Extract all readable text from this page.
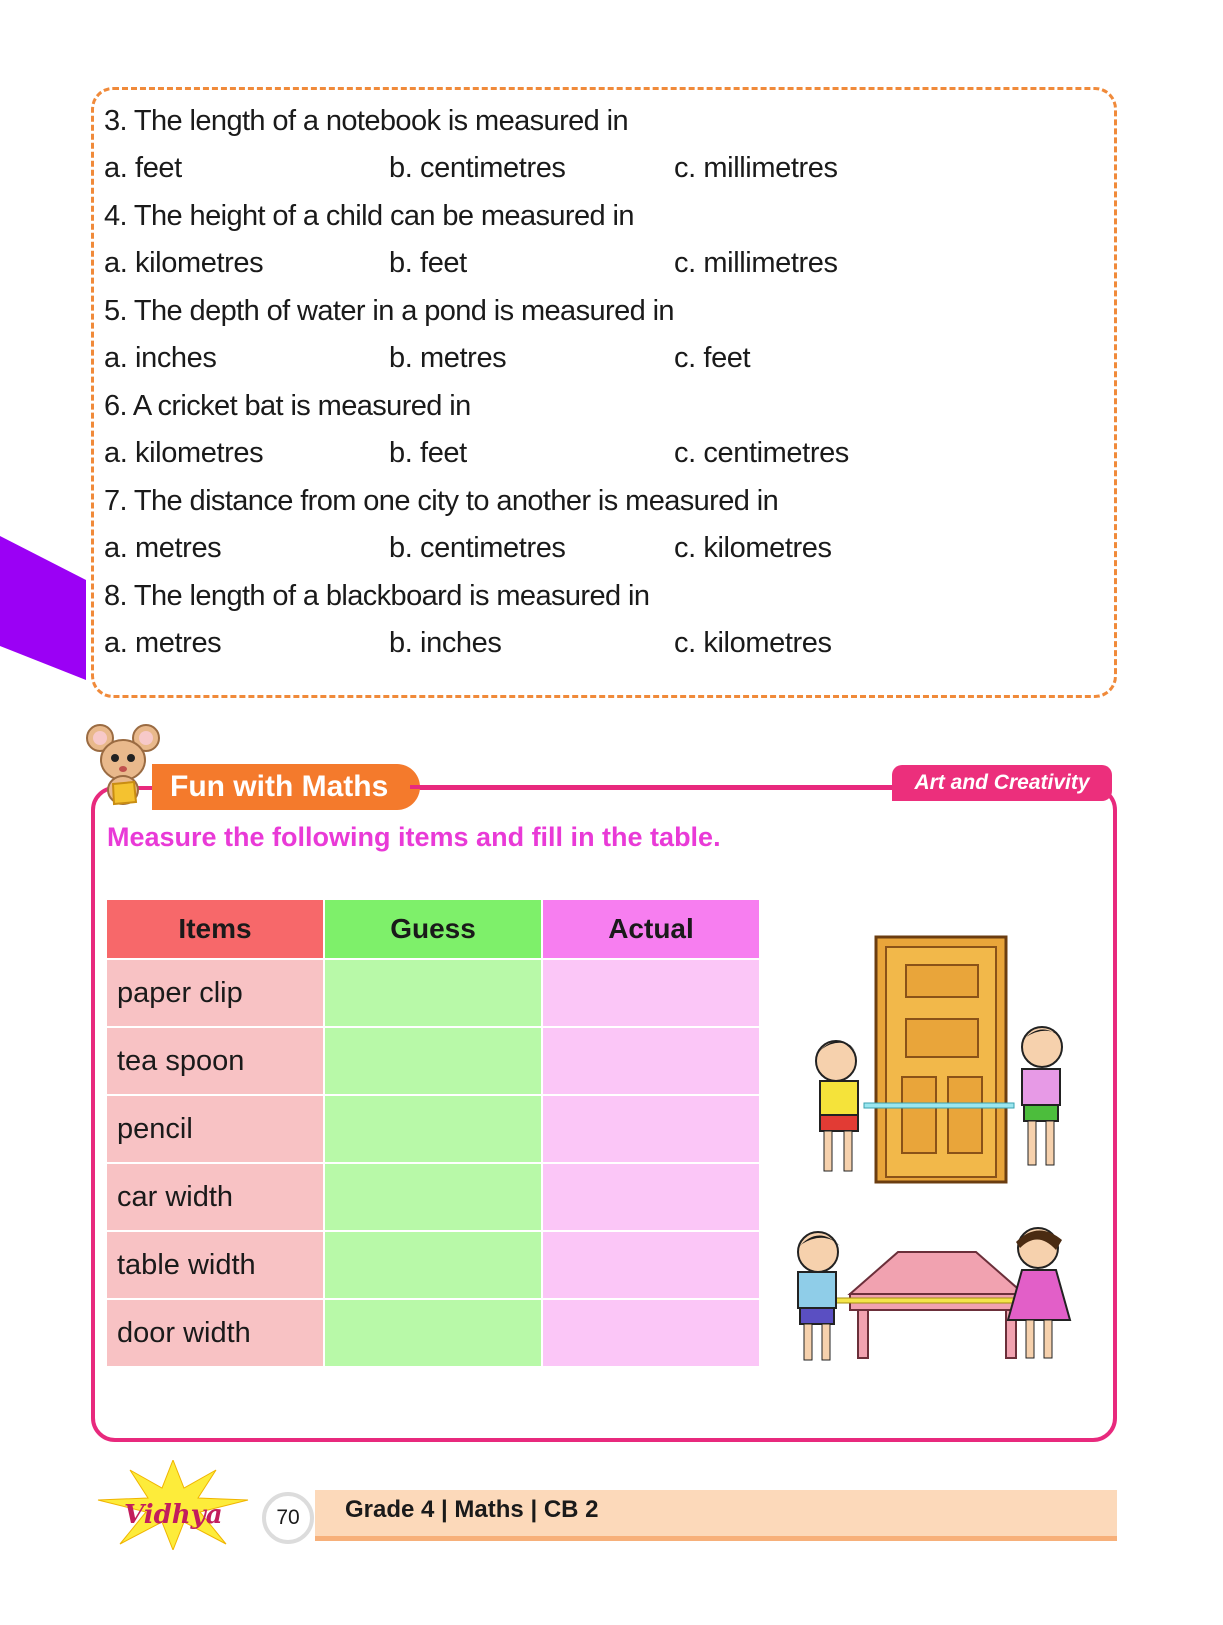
3. The length of a notebook is measured in
a. feet	b. centimetres	c. millimetres
4. The height of a child can be measured in
a. kilometres	b. feet	c. millimetres
5. The depth of water in a pond is measured in
a. inches	b. metres	c. feet
6. A cricket bat is measured in
a. kilometres	b. feet	c. centimetres
7. The distance from one city to another is measured in
a. metres	b. centimetres	c. kilometres
8. The length of a blackboard is measured in
a. metres	b. inches	c. kilometres
Fun with Maths	Art and Creativity
Measure the following items and fill in the table.
Items	Guess	Actual
paper clip		
tea spoon		
pencil		
car width		
table width		
door width		
Vidhya	70	Grade 4 | Maths | CB 2
